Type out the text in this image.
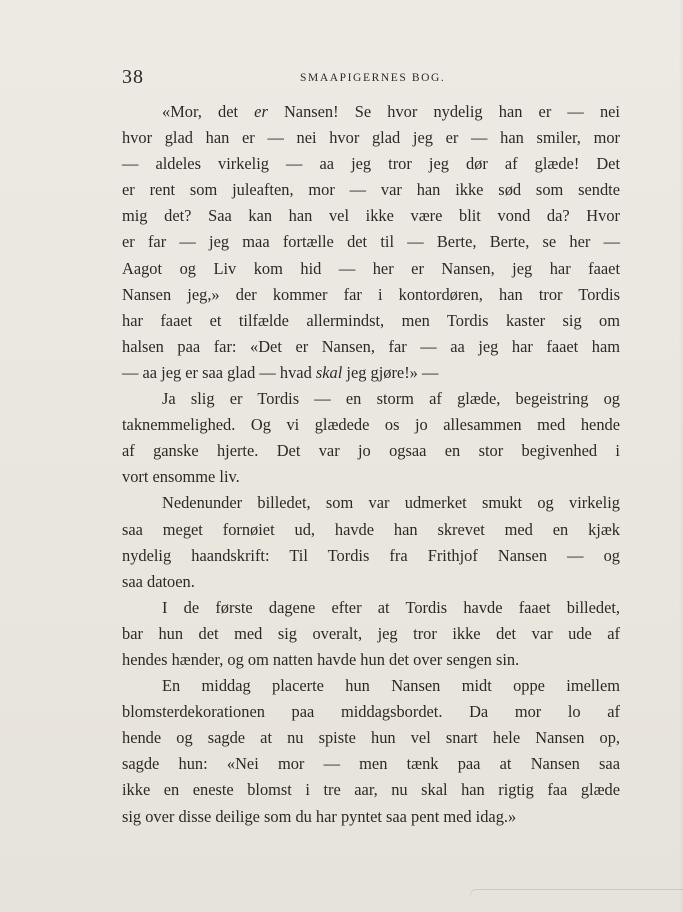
38	SMAAPIGERNES BOG.
«Mor, det er Nansen! Se hvor nydelig han er — nei
hvor glad han er — nei hvor glad jeg er — han smiler, mor
— aldeles virkelig — aa jeg tror jeg dør af glæde! Det
er rent som juleaften, mor — var han ikke sød som sendte
mig det? Saa kan han vel ikke være blit vond da? Hvor
er far — jeg maa fortælle det til — Berte, Berte, se her —
Aagot og Liv kom hid — her er Nansen, jeg har faaet
Nansen jeg,» der kommer far i kontordøren, han tror Tordis
har faaet et tilfælde allermindst, men Tordis kaster sig om
halsen paa far: «Det er Nansen, far — aa jeg har faaet ham
— aa jeg er saa glad — hvad skal jeg gjøre!» —
Ja slig er Tordis — en storm af glæde, begeistring og
taknemmelighed. Og vi glædede os jo allesammen med hende
af ganske hjerte. Det var jo ogsaa en stor begivenhed i
vort ensomme liv.
Nedenunder billedet, som var udmerket smukt og virkelig
saa meget fornøiet ud, havde han skrevet med en kjæk
nydelig haandskrift: Til Tordis fra Frithjof Nansen — og
saa datoen.
I de første dagene efter at Tordis havde faaet billedet,
bar hun det med sig overalt, jeg tror ikke det var ude af
hendes hænder, og om natten havde hun det over sengen sin.
En middag placerte hun Nansen midt oppe imellem
blomsterdekorationen paa middagsbordet. Da mor lo af
hende og sagde at nu spiste hun vel snart hele Nansen op,
sagde hun: «Nei mor — men tænk paa at Nansen saa
ikke en eneste blomst i tre aar, nu skal han rigtig faa glæde
sig over disse deilige som du har pyntet saa pent med idag.»
